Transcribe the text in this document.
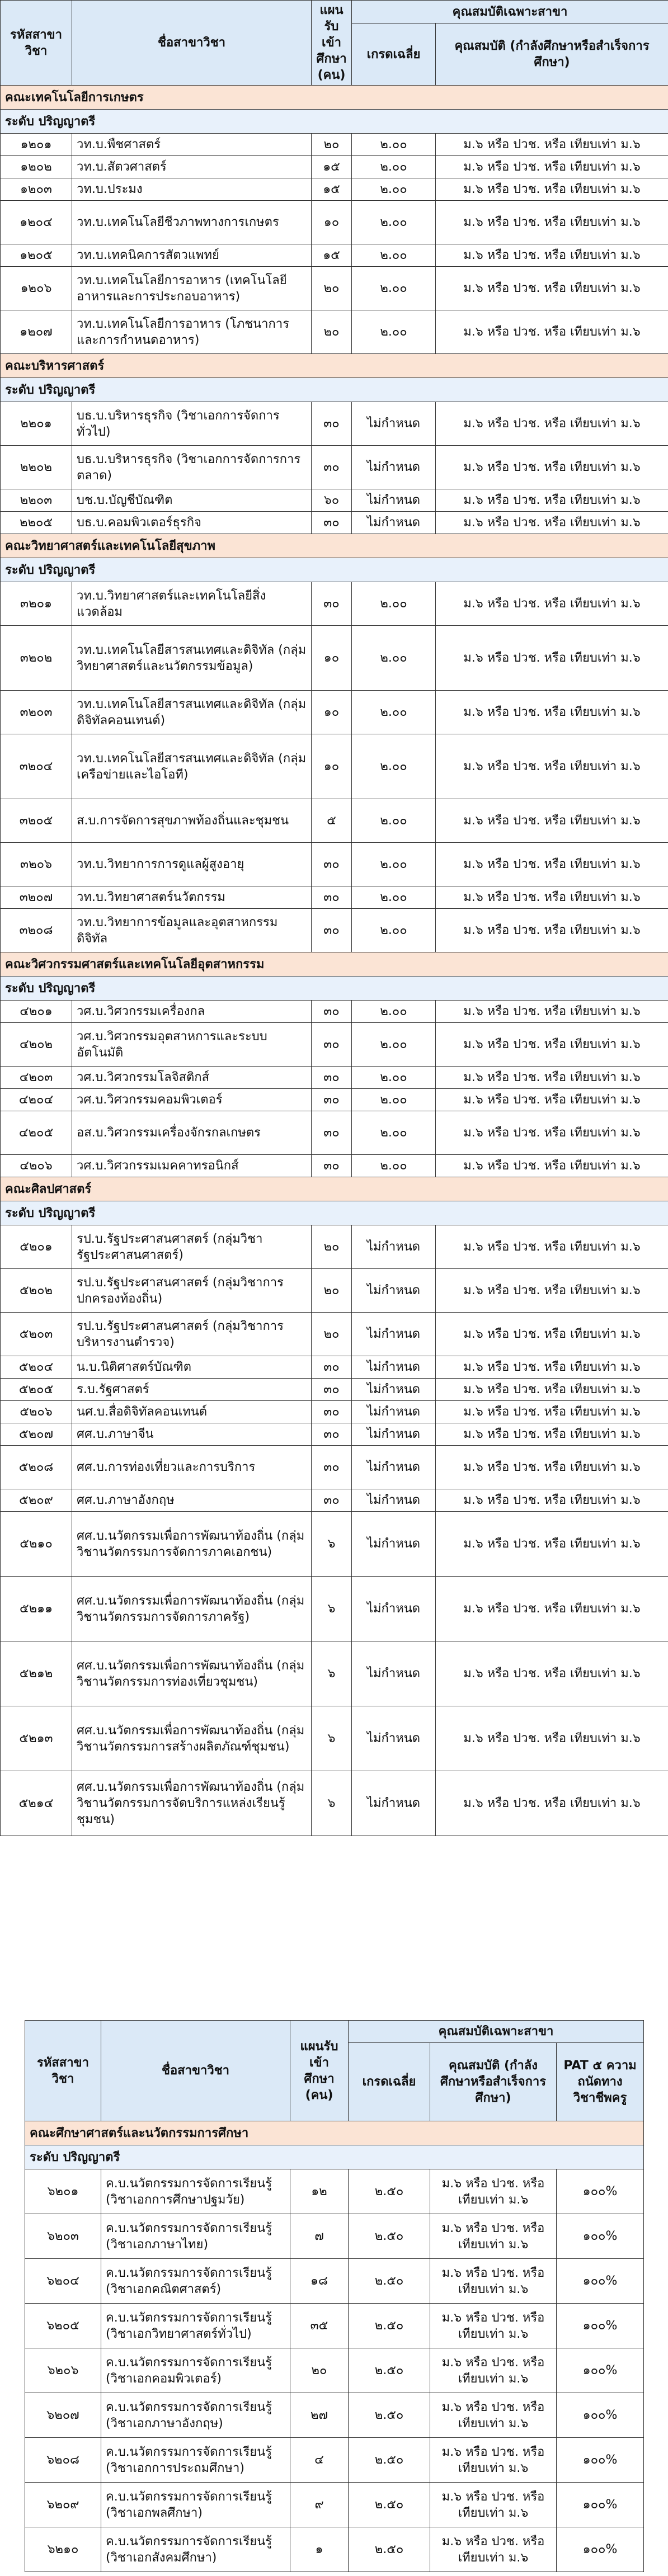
รหัสสาขาวิชา	ชื่อสาขาวิชา	แผนรับเข้าศึกษา (คน)	คุณสมบัติเฉพาะสาขา	
			เกรดเฉลี่ย	คุณสมบัติ (กำลังศึกษาหรือสำเร็จการศึกษา)
คณะเทคโนโลยีการเกษตร				
ระดับ ปริญญาตรี				
๑๒๐๑	วท.บ.พืชศาสตร์	๒๐	๒.๐๐	ม.๖ หรือ ปวช. หรือ เทียบเท่า ม.๖
๑๒๐๒	วท.บ.สัตวศาสตร์	๑๕	๒.๐๐	ม.๖ หรือ ปวช. หรือ เทียบเท่า ม.๖
๑๒๐๓	วท.บ.ประมง	๑๕	๒.๐๐	ม.๖ หรือ ปวช. หรือ เทียบเท่า ม.๖
๑๒๐๔	วท.บ.เทคโนโลยีชีวภาพทางการเกษตร	๑๐	๒.๐๐	ม.๖ หรือ ปวช. หรือ เทียบเท่า ม.๖
๑๒๐๕	วท.บ.เทคนิคการสัตวแพทย์	๑๕	๒.๐๐	ม.๖ หรือ ปวช. หรือ เทียบเท่า ม.๖
๑๒๐๖	วท.บ.เทคโนโลยีการอาหาร (เทคโนโลยีอาหารและการประกอบอาหาร)	๒๐	๒.๐๐	ม.๖ หรือ ปวช. หรือ เทียบเท่า ม.๖
๑๒๐๗	วท.บ.เทคโนโลยีการอาหาร (โภชนาการและการกำหนดอาหาร)	๒๐	๒.๐๐	ม.๖ หรือ ปวช. หรือ เทียบเท่า ม.๖
คณะบริหารศาสตร์				
ระดับ ปริญญาตรี				
๒๒๐๑	บธ.บ.บริหารธุรกิจ (วิชาเอกการจัดการทั่วไป)	๓๐	ไม่กำหนด	ม.๖ หรือ ปวช. หรือ เทียบเท่า ม.๖
๒๒๐๒	บธ.บ.บริหารธุรกิจ (วิชาเอกการจัดการการตลาด)	๓๐	ไม่กำหนด	ม.๖ หรือ ปวช. หรือ เทียบเท่า ม.๖
๒๒๐๓	บช.บ.บัญชีบัณฑิต	๖๐	ไม่กำหนด	ม.๖ หรือ ปวช. หรือ เทียบเท่า ม.๖
๒๒๐๕	บธ.บ.คอมพิวเตอร์ธุรกิจ	๓๐	ไม่กำหนด	ม.๖ หรือ ปวช. หรือ เทียบเท่า ม.๖
คณะวิทยาศาสตร์และเทคโนโลยีสุขภาพ				
ระดับ ปริญญาตรี				
๓๒๐๑	วท.บ.วิทยาศาสตร์และเทคโนโลยีสิ่งแวดล้อม	๓๐	๒.๐๐	ม.๖ หรือ ปวช. หรือ เทียบเท่า ม.๖
๓๒๐๒	วท.บ.เทคโนโลยีสารสนเทศและดิจิทัล (กลุ่มวิทยาศาสตร์และนวัตกรรมข้อมูล)	๑๐	๒.๐๐	ม.๖ หรือ ปวช. หรือ เทียบเท่า ม.๖
๓๒๐๓	วท.บ.เทคโนโลยีสารสนเทศและดิจิทัล (กลุ่มดิจิทัลคอนเทนต์)	๑๐	๒.๐๐	ม.๖ หรือ ปวช. หรือ เทียบเท่า ม.๖
๓๒๐๔	วท.บ.เทคโนโลยีสารสนเทศและดิจิทัล (กลุ่มเครือข่ายและไอโอที)	๑๐	๒.๐๐	ม.๖ หรือ ปวช. หรือ เทียบเท่า ม.๖
๓๒๐๕	ส.บ.การจัดการสุขภาพท้องถิ่นและชุมชน	๕	๒.๐๐	ม.๖ หรือ ปวช. หรือ เทียบเท่า ม.๖
๓๒๐๖	วท.บ.วิทยาการการดูแลผู้สูงอายุ	๓๐	๒.๐๐	ม.๖ หรือ ปวช. หรือ เทียบเท่า ม.๖
๓๒๐๗	วท.บ.วิทยาศาสตร์นวัตกรรม	๓๐	๒.๐๐	ม.๖ หรือ ปวช. หรือ เทียบเท่า ม.๖
๓๒๐๘	วท.บ.วิทยาการข้อมูลและอุตสาหกรรมดิจิทัล	๓๐	๒.๐๐	ม.๖ หรือ ปวช. หรือ เทียบเท่า ม.๖
คณะวิศวกรรมศาสตร์และเทคโนโลยีอุตสาหกรรม				
ระดับ ปริญญาตรี				
๔๒๐๑	วศ.บ.วิศวกรรมเครื่องกล	๓๐	๒.๐๐	ม.๖ หรือ ปวช. หรือ เทียบเท่า ม.๖
๔๒๐๒	วศ.บ.วิศวกรรมอุตสาหการและระบบอัตโนมัติ	๓๐	๒.๐๐	ม.๖ หรือ ปวช. หรือ เทียบเท่า ม.๖
๔๒๐๓	วศ.บ.วิศวกรรมโลจิสติกส์	๓๐	๒.๐๐	ม.๖ หรือ ปวช. หรือ เทียบเท่า ม.๖
๔๒๐๔	วศ.บ.วิศวกรรมคอมพิวเตอร์	๓๐	๒.๐๐	ม.๖ หรือ ปวช. หรือ เทียบเท่า ม.๖
๔๒๐๕	อส.บ.วิศวกรรมเครื่องจักรกลเกษตร	๓๐	๒.๐๐	ม.๖ หรือ ปวช. หรือ เทียบเท่า ม.๖
๔๒๐๖	วศ.บ.วิศวกรรมเมคคาทรอนิกส์	๓๐	๒.๐๐	ม.๖ หรือ ปวช. หรือ เทียบเท่า ม.๖
คณะศิลปศาสตร์				
ระดับ ปริญญาตรี				
๕๒๐๑	รป.บ.รัฐประศาสนศาสตร์ (กลุ่มวิชารัฐประศาสนศาสตร์)	๒๐	ไม่กำหนด	ม.๖ หรือ ปวช. หรือ เทียบเท่า ม.๖
๕๒๐๒	รป.บ.รัฐประศาสนศาสตร์ (กลุ่มวิชาการปกครองท้องถิ่น)	๒๐	ไม่กำหนด	ม.๖ หรือ ปวช. หรือ เทียบเท่า ม.๖
๕๒๐๓	รป.บ.รัฐประศาสนศาสตร์ (กลุ่มวิชาการบริหารงานตำรวจ)	๒๐	ไม่กำหนด	ม.๖ หรือ ปวช. หรือ เทียบเท่า ม.๖
๕๒๐๔	น.บ.นิติศาสตร์บัณฑิต	๓๐	ไม่กำหนด	ม.๖ หรือ ปวช. หรือ เทียบเท่า ม.๖
๕๒๐๕	ร.บ.รัฐศาสตร์	๓๐	ไม่กำหนด	ม.๖ หรือ ปวช. หรือ เทียบเท่า ม.๖
๕๒๐๖	นศ.บ.สื่อดิจิทัลคอนเทนต์	๓๐	ไม่กำหนด	ม.๖ หรือ ปวช. หรือ เทียบเท่า ม.๖
๕๒๐๗	ศศ.บ.ภาษาจีน	๓๐	ไม่กำหนด	ม.๖ หรือ ปวช. หรือ เทียบเท่า ม.๖
๕๒๐๘	ศศ.บ.การท่องเที่ยวและการบริการ	๓๐	ไม่กำหนด	ม.๖ หรือ ปวช. หรือ เทียบเท่า ม.๖
๕๒๐๙	ศศ.บ.ภาษาอังกฤษ	๓๐	ไม่กำหนด	ม.๖ หรือ ปวช. หรือ เทียบเท่า ม.๖
๕๒๑๐	ศศ.บ.นวัตกรรมเพื่อการพัฒนาท้องถิ่น (กลุ่มวิชานวัตกรรมการจัดการภาคเอกชน)	๖	ไม่กำหนด	ม.๖ หรือ ปวช. หรือ เทียบเท่า ม.๖
๕๒๑๑	ศศ.บ.นวัตกรรมเพื่อการพัฒนาท้องถิ่น (กลุ่มวิชานวัตกรรมการจัดการภาครัฐ)	๖	ไม่กำหนด	ม.๖ หรือ ปวช. หรือ เทียบเท่า ม.๖
๕๒๑๒	ศศ.บ.นวัตกรรมเพื่อการพัฒนาท้องถิ่น (กลุ่มวิชานวัตกรรมการท่องเที่ยวชุมชน)	๖	ไม่กำหนด	ม.๖ หรือ ปวช. หรือ เทียบเท่า ม.๖
๕๒๑๓	ศศ.บ.นวัตกรรมเพื่อการพัฒนาท้องถิ่น (กลุ่มวิชานวัตกรรมการสร้างผลิตภัณฑ์ชุมชน)	๖	ไม่กำหนด	ม.๖ หรือ ปวช. หรือ เทียบเท่า ม.๖
๕๒๑๔	ศศ.บ.นวัตกรรมเพื่อการพัฒนาท้องถิ่น (กลุ่มวิชานวัตกรรมการจัดบริการแหล่งเรียนรู้ชุมชน)	๖	ไม่กำหนด	ม.๖ หรือ ปวช. หรือ เทียบเท่า ม.๖
รหัสสาขาวิชา	ชื่อสาขาวิชา	แผนรับเข้าศึกษา (คน)	คุณสมบัติเฉพาะสาขา		
			เกรดเฉลี่ย	คุณสมบัติ (กำลังศึกษาหรือสำเร็จการศึกษา)	PAT ๕ ความถนัดทางวิชาชีพครู
คณะศึกษาศาสตร์และนวัตกรรมการศึกษา					
ระดับ ปริญญาตรี					
๖๒๐๑	ค.บ.นวัตกรรมการจัดการเรียนรู้ (วิชาเอกการศึกษาปฐมวัย)	๑๒	๒.๕๐	ม.๖ หรือ ปวช. หรือ เทียบเท่า ม.๖	๑๐๐%
๖๒๐๓	ค.บ.นวัตกรรมการจัดการเรียนรู้ (วิชาเอกภาษาไทย)	๗	๒.๕๐	ม.๖ หรือ ปวช. หรือ เทียบเท่า ม.๖	๑๐๐%
๖๒๐๔	ค.บ.นวัตกรรมการจัดการเรียนรู้ (วิชาเอกคณิตศาสตร์)	๑๘	๒.๕๐	ม.๖ หรือ ปวช. หรือ เทียบเท่า ม.๖	๑๐๐%
๖๒๐๕	ค.บ.นวัตกรรมการจัดการเรียนรู้ (วิชาเอกวิทยาศาสตร์ทั่วไป)	๓๕	๒.๕๐	ม.๖ หรือ ปวช. หรือ เทียบเท่า ม.๖	๑๐๐%
๖๒๐๖	ค.บ.นวัตกรรมการจัดการเรียนรู้ (วิชาเอกคอมพิวเตอร์)	๒๐	๒.๕๐	ม.๖ หรือ ปวช. หรือ เทียบเท่า ม.๖	๑๐๐%
๖๒๐๗	ค.บ.นวัตกรรมการจัดการเรียนรู้ (วิชาเอกภาษาอังกฤษ)	๒๗	๒.๕๐	ม.๖ หรือ ปวช. หรือ เทียบเท่า ม.๖	๑๐๐%
๖๒๐๘	ค.บ.นวัตกรรมการจัดการเรียนรู้ (วิชาเอกการประถมศึกษา)	๔	๒.๕๐	ม.๖ หรือ ปวช. หรือ เทียบเท่า ม.๖	๑๐๐%
๖๒๐๙	ค.บ.นวัตกรรมการจัดการเรียนรู้ (วิชาเอกพลศึกษา)	๙	๒.๕๐	ม.๖ หรือ ปวช. หรือ เทียบเท่า ม.๖	๑๐๐%
๖๒๑๐	ค.บ.นวัตกรรมการจัดการเรียนรู้ (วิชาเอกสังคมศึกษา)	๑	๒.๕๐	ม.๖ หรือ ปวช. หรือ เทียบเท่า ม.๖	๑๐๐%
